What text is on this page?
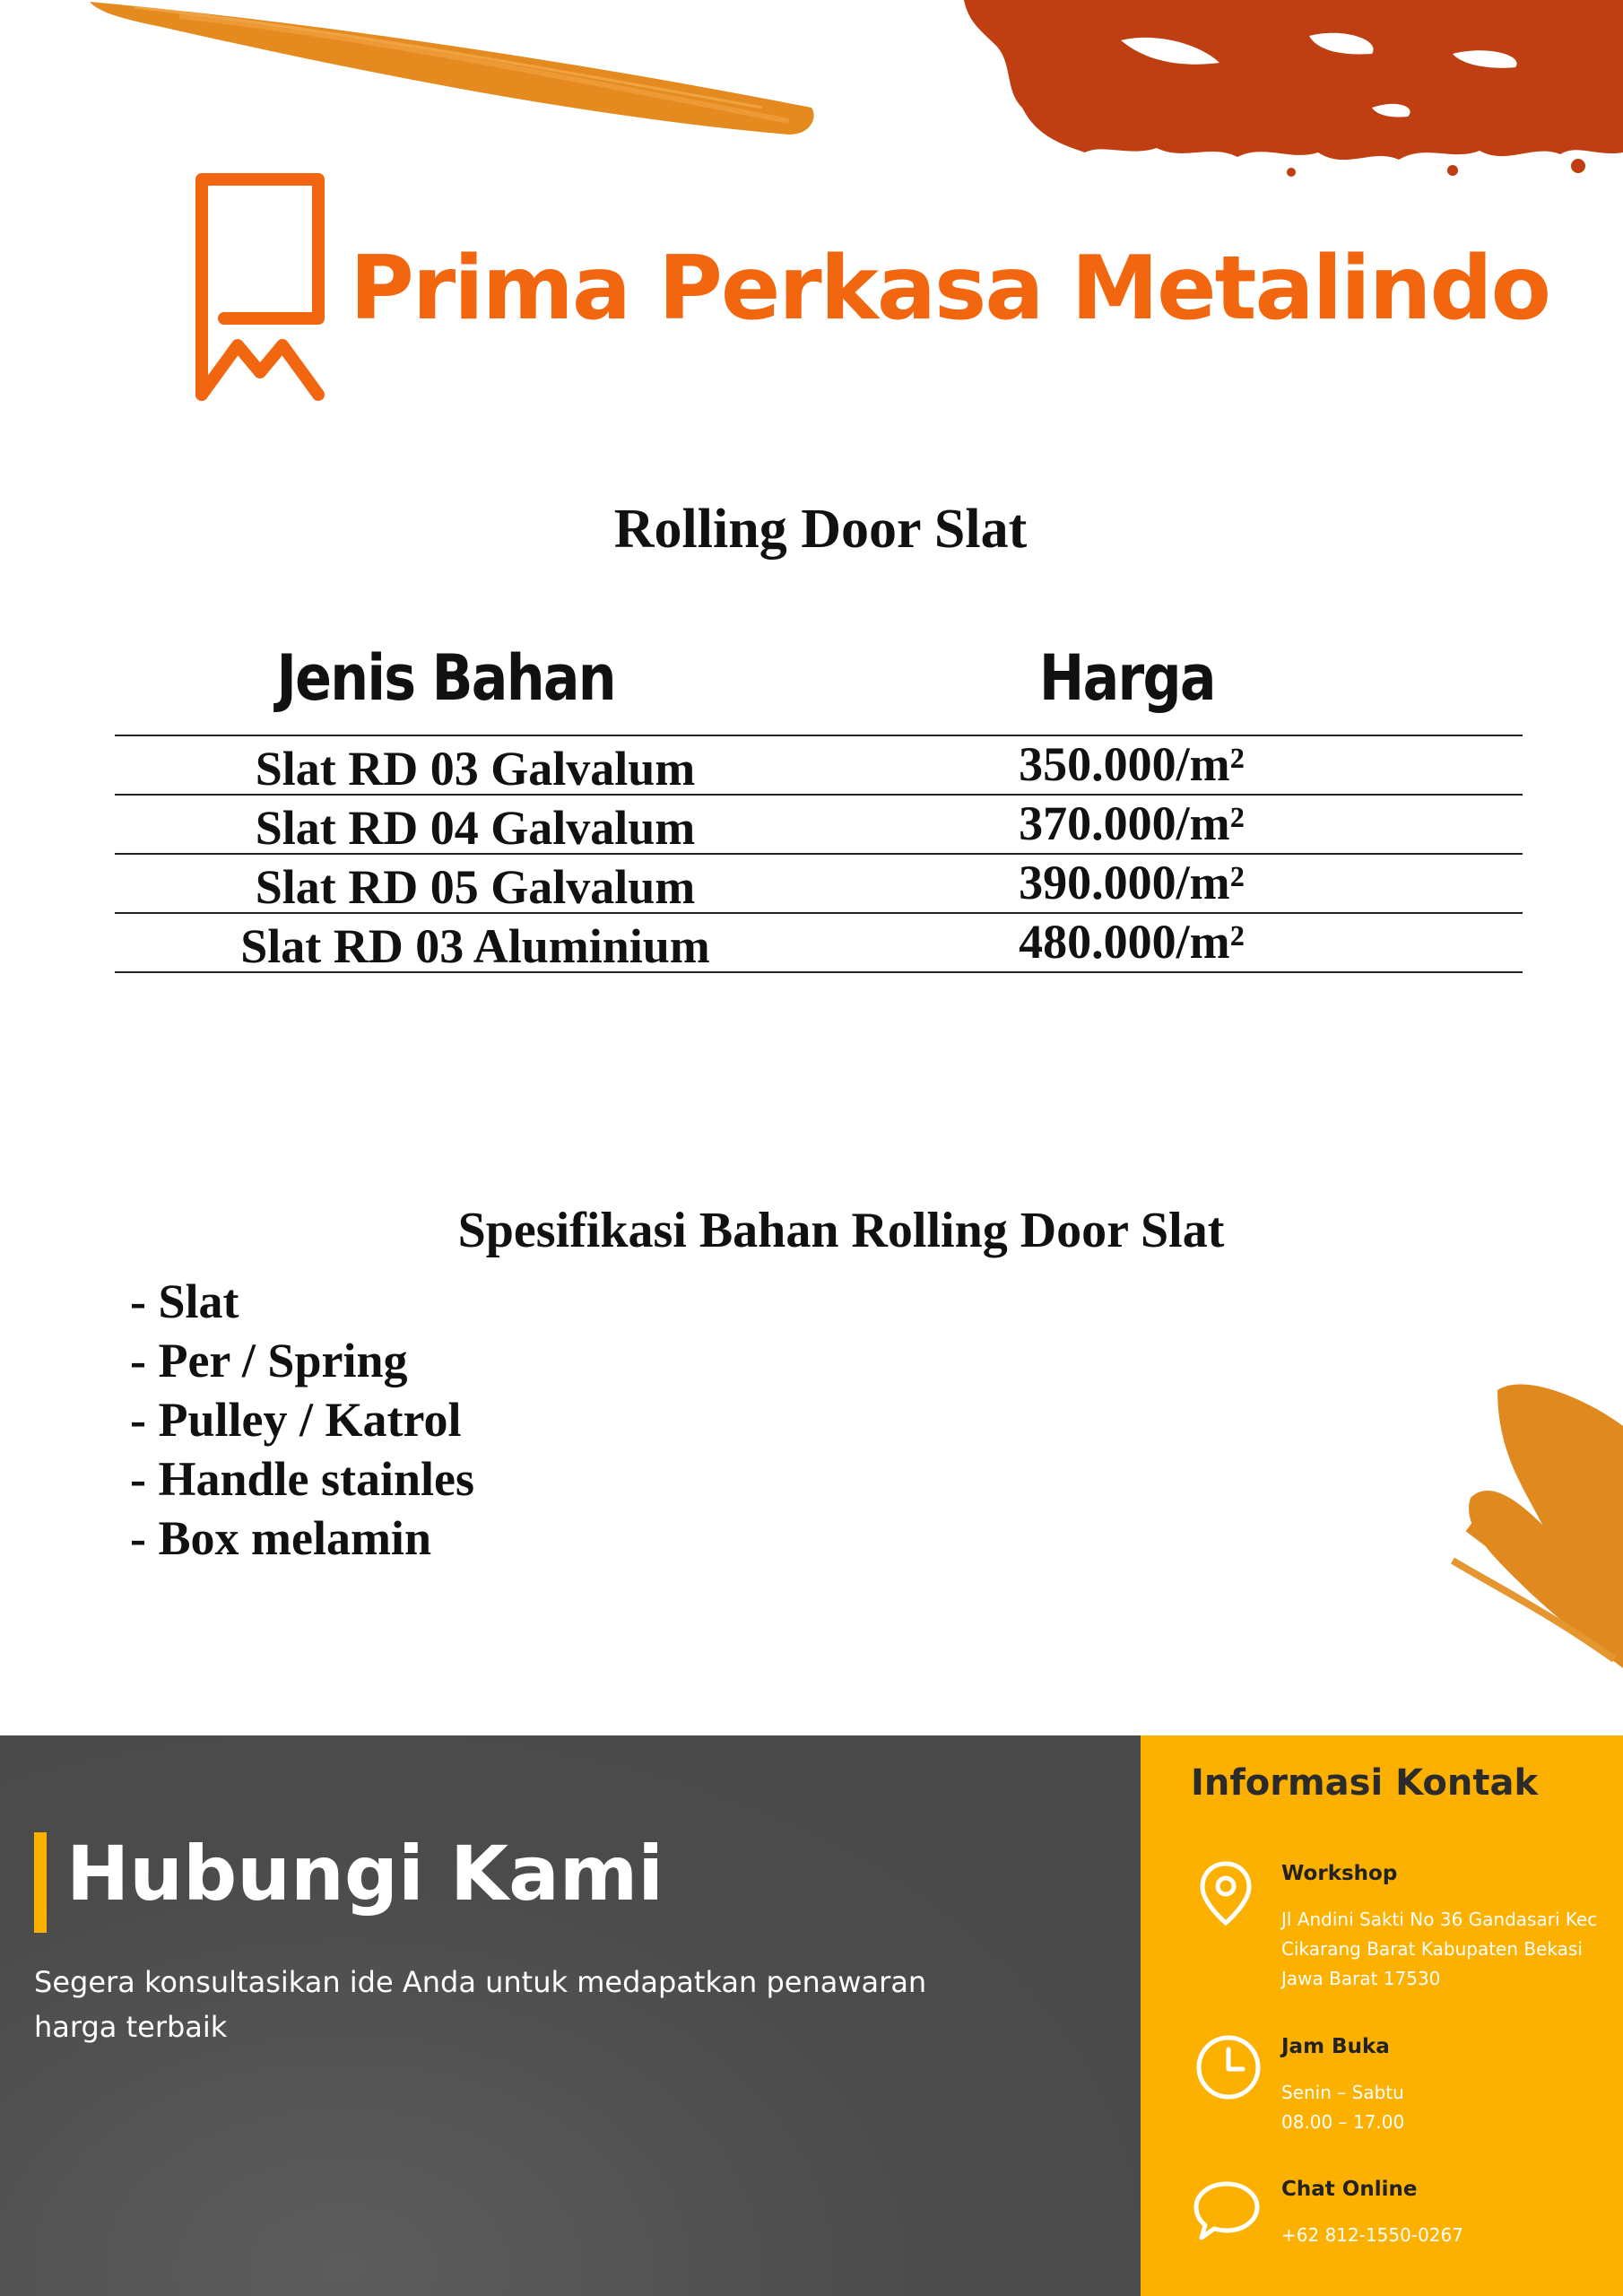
Prima Perkasa Metalindo
Rolling Door Slat
Jenis Bahan	Harga
Slat RD 03 Galvalum	350.000/m²
Slat RD 04 Galvalum	370.000/m²
Slat RD 05 Galvalum	390.000/m²
Slat RD 03 Aluminium	480.000/m²
Spesifikasi Bahan Rolling Door Slat
- Slat
- Per / Spring
- Pulley / Katrol
- Handle stainles
- Box melamin
Hubungi Kami
Segera konsultasikan ide Anda untuk medapatkan penawaran harga terbaik
Informasi Kontak
Workshop
Jl Andini Sakti No 36 Gandasari Kec
Cikarang Barat Kabupaten Bekasi
Jawa Barat 17530
Jam Buka
Senin – Sabtu
08.00 – 17.00
Chat Online
+62 812-1550-0267
